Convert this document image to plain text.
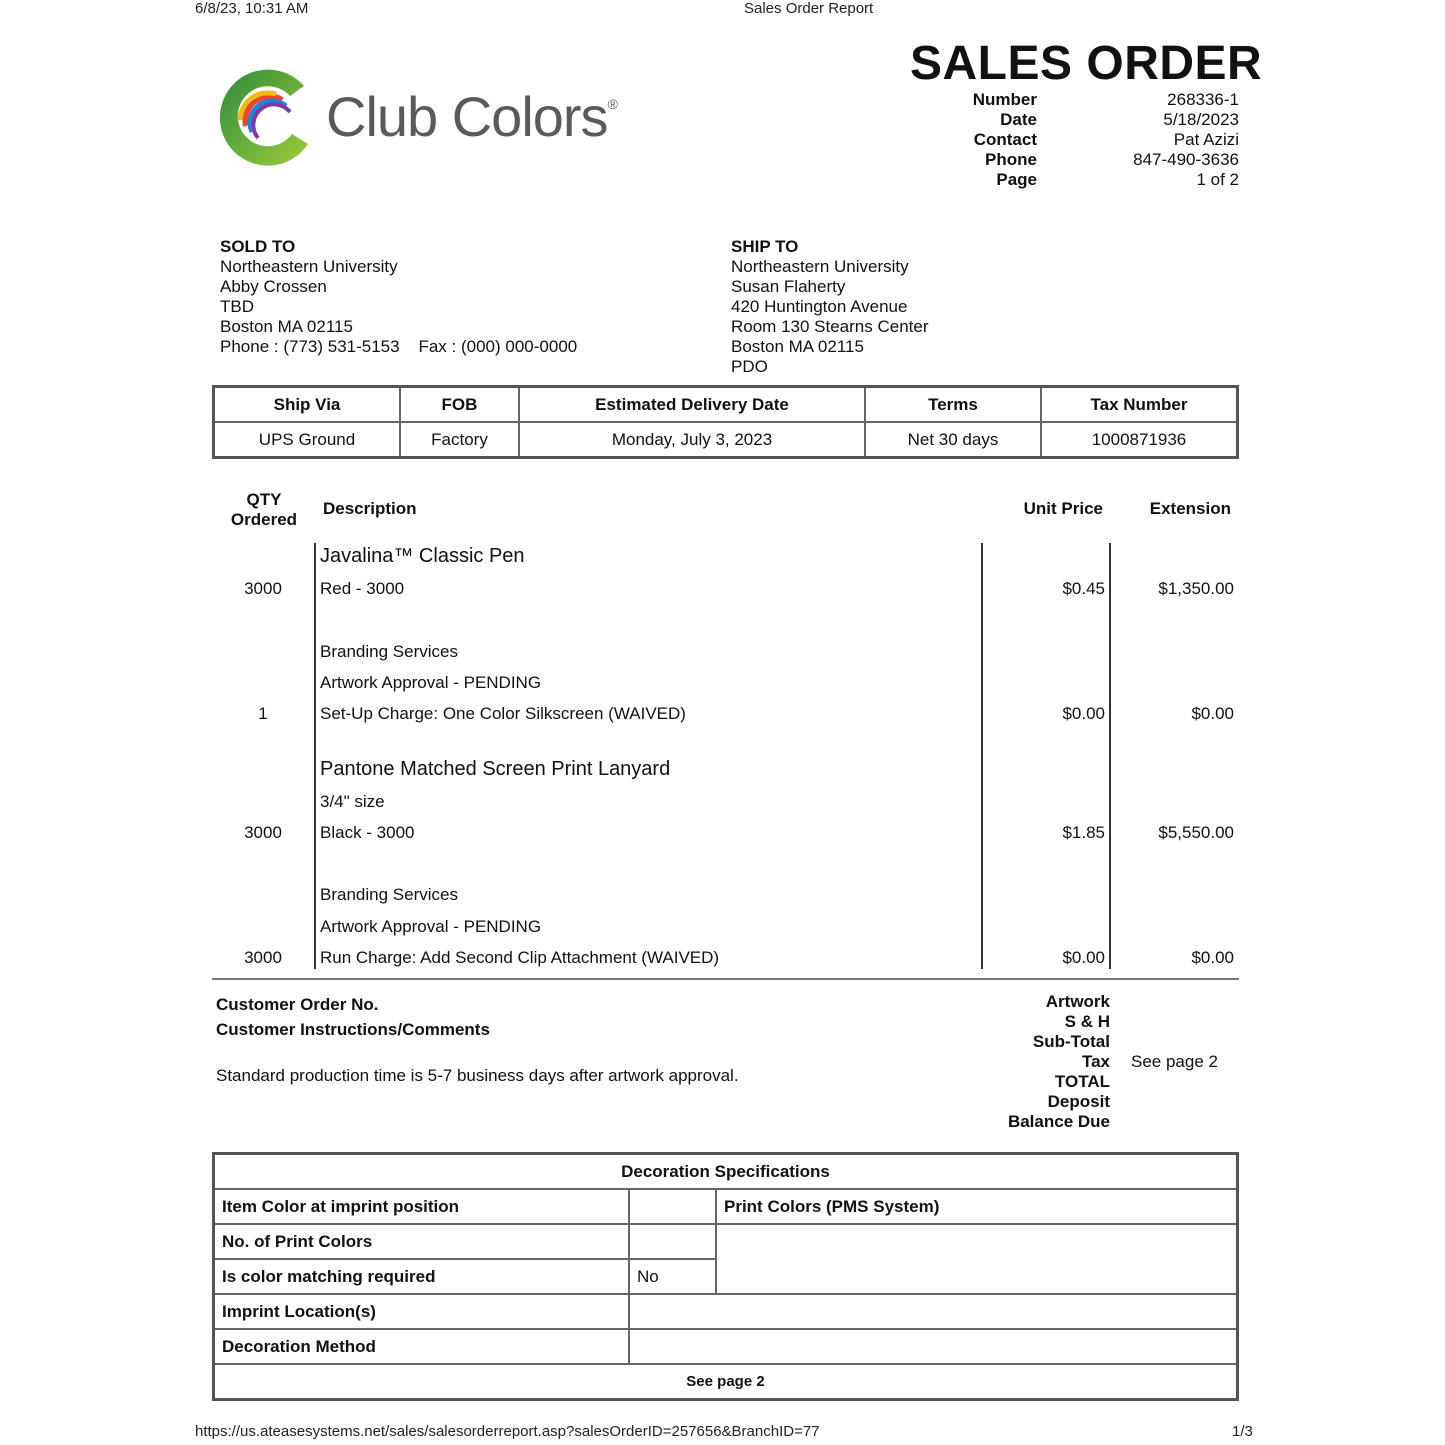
6/8/23, 10:31 AM	Sales Order Report
Club Colors®
SALES ORDER
Number	268336-1
Date	5/18/2023
Contact	Pat Azizi
Phone	847-490-3636
Page	1 of 2
SOLD TO
Northeastern University
Abby Crossen
TBD
Boston MA 02115
Phone : (773) 531-5153    Fax : (000) 000-0000
SHIP TO
Northeastern University
Susan Flaherty
420 Huntington Avenue
Room 130 Stearns Center
Boston MA 02115
PDO
Ship Via	FOB	Estimated Delivery Date	Terms	Tax Number
UPS Ground	Factory	Monday, July 3, 2023	Net 30 days	1000871936
QTY
Ordered
Description	Unit Price	Extension
Javalina™ Classic Pen
3000	Red - 3000	$0.45	$1,350.00
Branding Services
Artwork Approval - PENDING
1	Set-Up Charge: One Color Silkscreen (WAIVED)	$0.00	$0.00
Pantone Matched Screen Print Lanyard
3/4" size
3000	Black - 3000	$1.85	$5,550.00
Branding Services
Artwork Approval - PENDING
3000	Run Charge: Add Second Clip Attachment (WAIVED)	$0.00	$0.00
Customer Order No.
Customer Instructions/Comments
Standard production time is 5-7 business days after artwork approval.
Artwork
S & H
Sub-Total
Tax
TOTAL
Deposit
Balance Due
See page 2
Decoration Specifications		
Item Color at imprint position		Print Colors (PMS System)
No. of Print Colors		
Is color matching required	No	
Imprint Location(s)		
Decoration Method		
See page 2		
https://us.ateasesystems.net/sales/salesorderreport.asp?salesOrderID=257656&BranchID=77	1/3
